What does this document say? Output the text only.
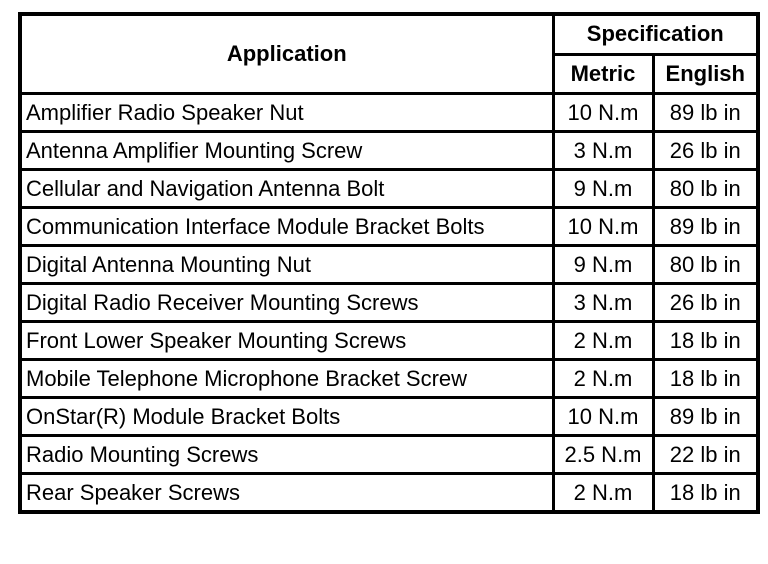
Application	Specification	
	Metric	English
Amplifier Radio Speaker Nut	10 N.m	89 lb in
Antenna Amplifier Mounting Screw	3 N.m	26 lb in
Cellular and Navigation Antenna Bolt	9 N.m	80 lb in
Communication Interface Module Bracket Bolts	10 N.m	89 lb in
Digital Antenna Mounting Nut	9 N.m	80 lb in
Digital Radio Receiver Mounting Screws	3 N.m	26 lb in
Front Lower Speaker Mounting Screws	2 N.m	18 lb in
Mobile Telephone Microphone Bracket Screw	2 N.m	18 lb in
OnStar(R) Module Bracket Bolts	10 N.m	89 lb in
Radio Mounting Screws	2.5 N.m	22 lb in
Rear Speaker Screws	2 N.m	18 lb in
